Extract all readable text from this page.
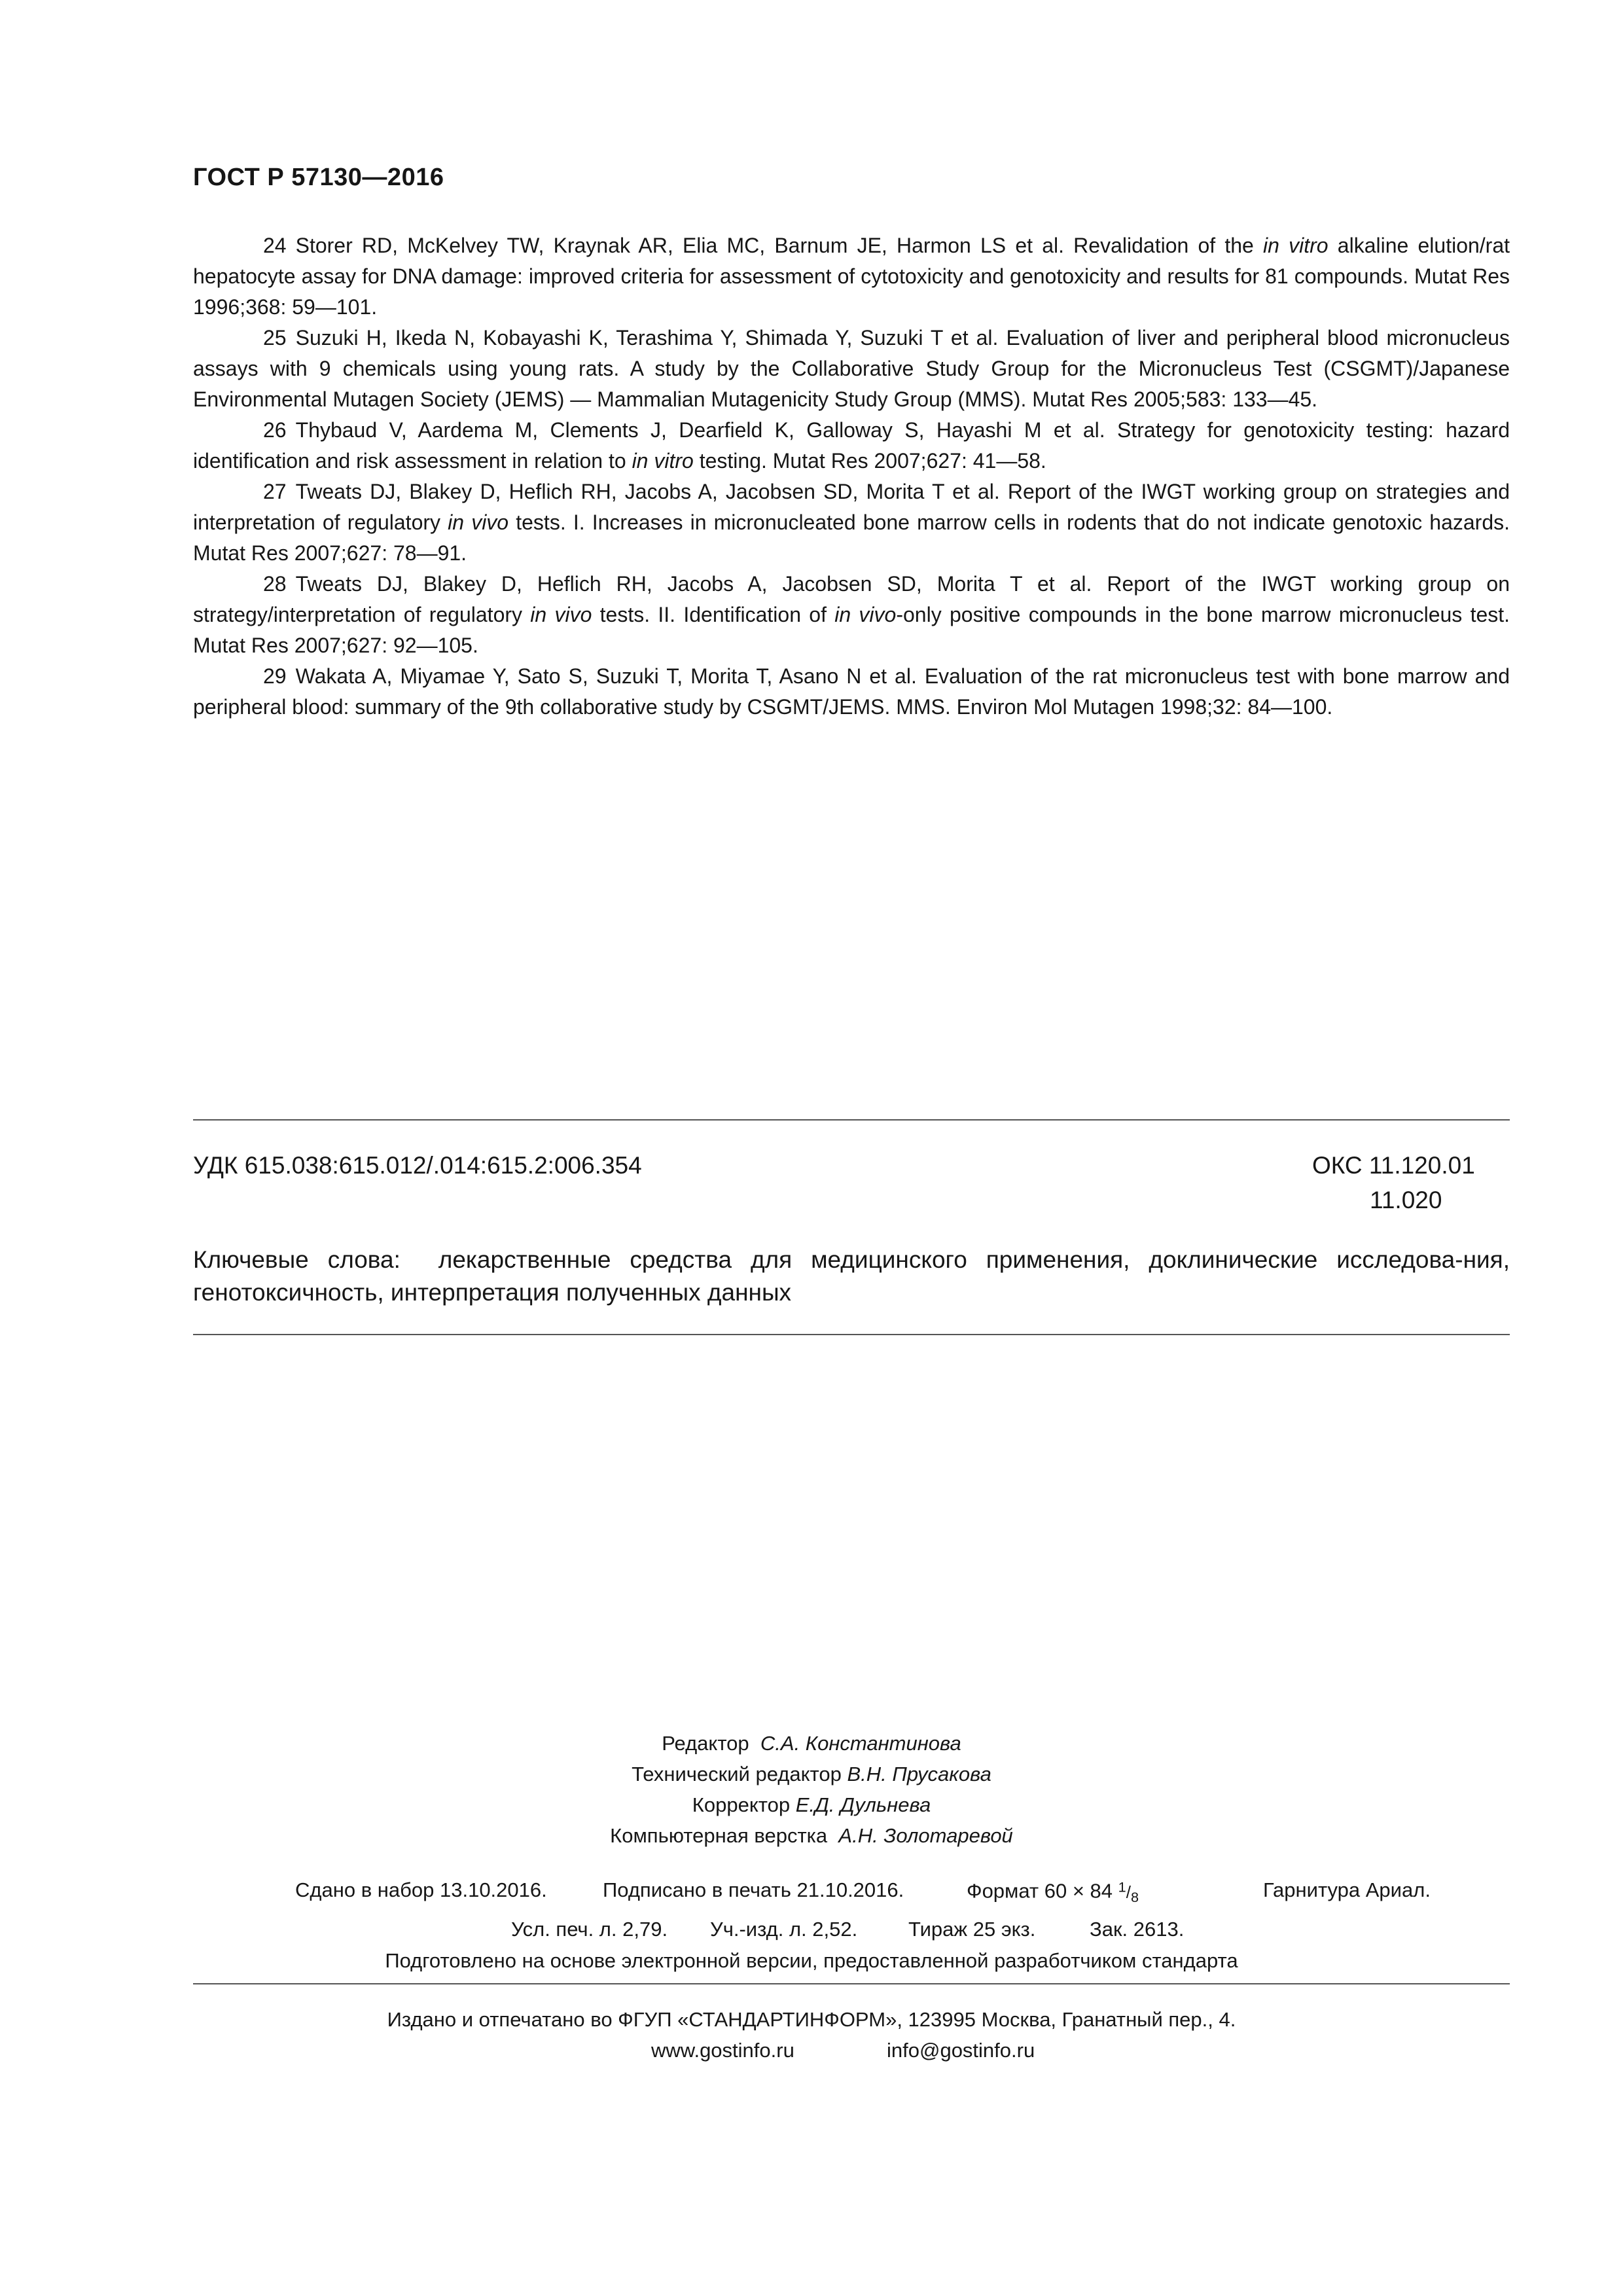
ГОСТ Р 57130—2016

24 Storer RD, McKelvey TW, Kraynak AR, Elia MC, Barnum JE, Harmon LS et al. Revalidation of the in vitro alkaline elution/rat hepatocyte assay for DNA damage: improved criteria for assessment of cytotoxicity and genotoxicity and results for 81 compounds. Mutat Res 1996;368: 59—101.

25 Suzuki H, Ikeda N, Kobayashi K, Terashima Y, Shimada Y, Suzuki T et al. Evaluation of liver and peripheral blood micronucleus assays with 9 chemicals using young rats. A study by the Collaborative Study Group for the Micronucleus Test (CSGMT)/Japanese Environmental Mutagen Society (JEMS) — Mammalian Mutagenicity Study Group (MMS). Mutat Res 2005;583: 133—45.

26 Thybaud V, Aardema M, Clements J, Dearfield K, Galloway S, Hayashi M et al. Strategy for genotoxicity testing: hazard identification and risk assessment in relation to in vitro testing. Mutat Res 2007;627: 41—58.

27 Tweats DJ, Blakey D, Heflich RH, Jacobs A, Jacobsen SD, Morita T et al. Report of the IWGT working group on strategies and interpretation of regulatory in vivo tests. I. Increases in micronucleated bone marrow cells in rodents that do not indicate genotoxic hazards. Mutat Res 2007;627: 78—91.

28 Tweats DJ, Blakey D, Heflich RH, Jacobs A, Jacobsen SD, Morita T et al. Report of the IWGT working group on strategy/interpretation of regulatory in vivo tests. II. Identification of in vivo-only positive compounds in the bone marrow micronucleus test. Mutat Res 2007;627: 92—105.

29 Wakata A, Miyamae Y, Sato S, Suzuki T, Morita T, Asano N et al. Evaluation of the rat micronucleus test with bone marrow and peripheral blood: summary of the 9th collaborative study by CSGMT/JEMS. MMS. Environ Mol Mutagen 1998;32: 84—100.

УДК 615.038:615.012/.014:615.2:006.354	ОКС 11.120.01
11.020
Ключевые слова: лекарственные средства для медицинского применения, доклинические исследова-ния, генотоксичность, интерпретация полученных данных
Редактор С.А. Константинова
Технический редактор В.Н. Прусакова
Корректор Е.Д. Дульнева
Компьютерная верстка А.Н. Золотаревой
Сдано в набор 13.10.2016.	Подписано в печать 21.10.2016.	Формат 60 × 84 $^1/_8$	Гарнитура Ариал.
Усл. печ. л. 2,79. Уч.-изд. л. 2,52.	Тираж 25 экз.	Зак. 2613.
Подготовлено на основе электронной версии, предоставленной разработчиком стандарта
Издано и отпечатано во ФГУП «СТАНДАРТИНФОРМ», 123995 Москва, Гранатный пер., 4.
www.gostinfo.ru	info@gostinfo.ru
